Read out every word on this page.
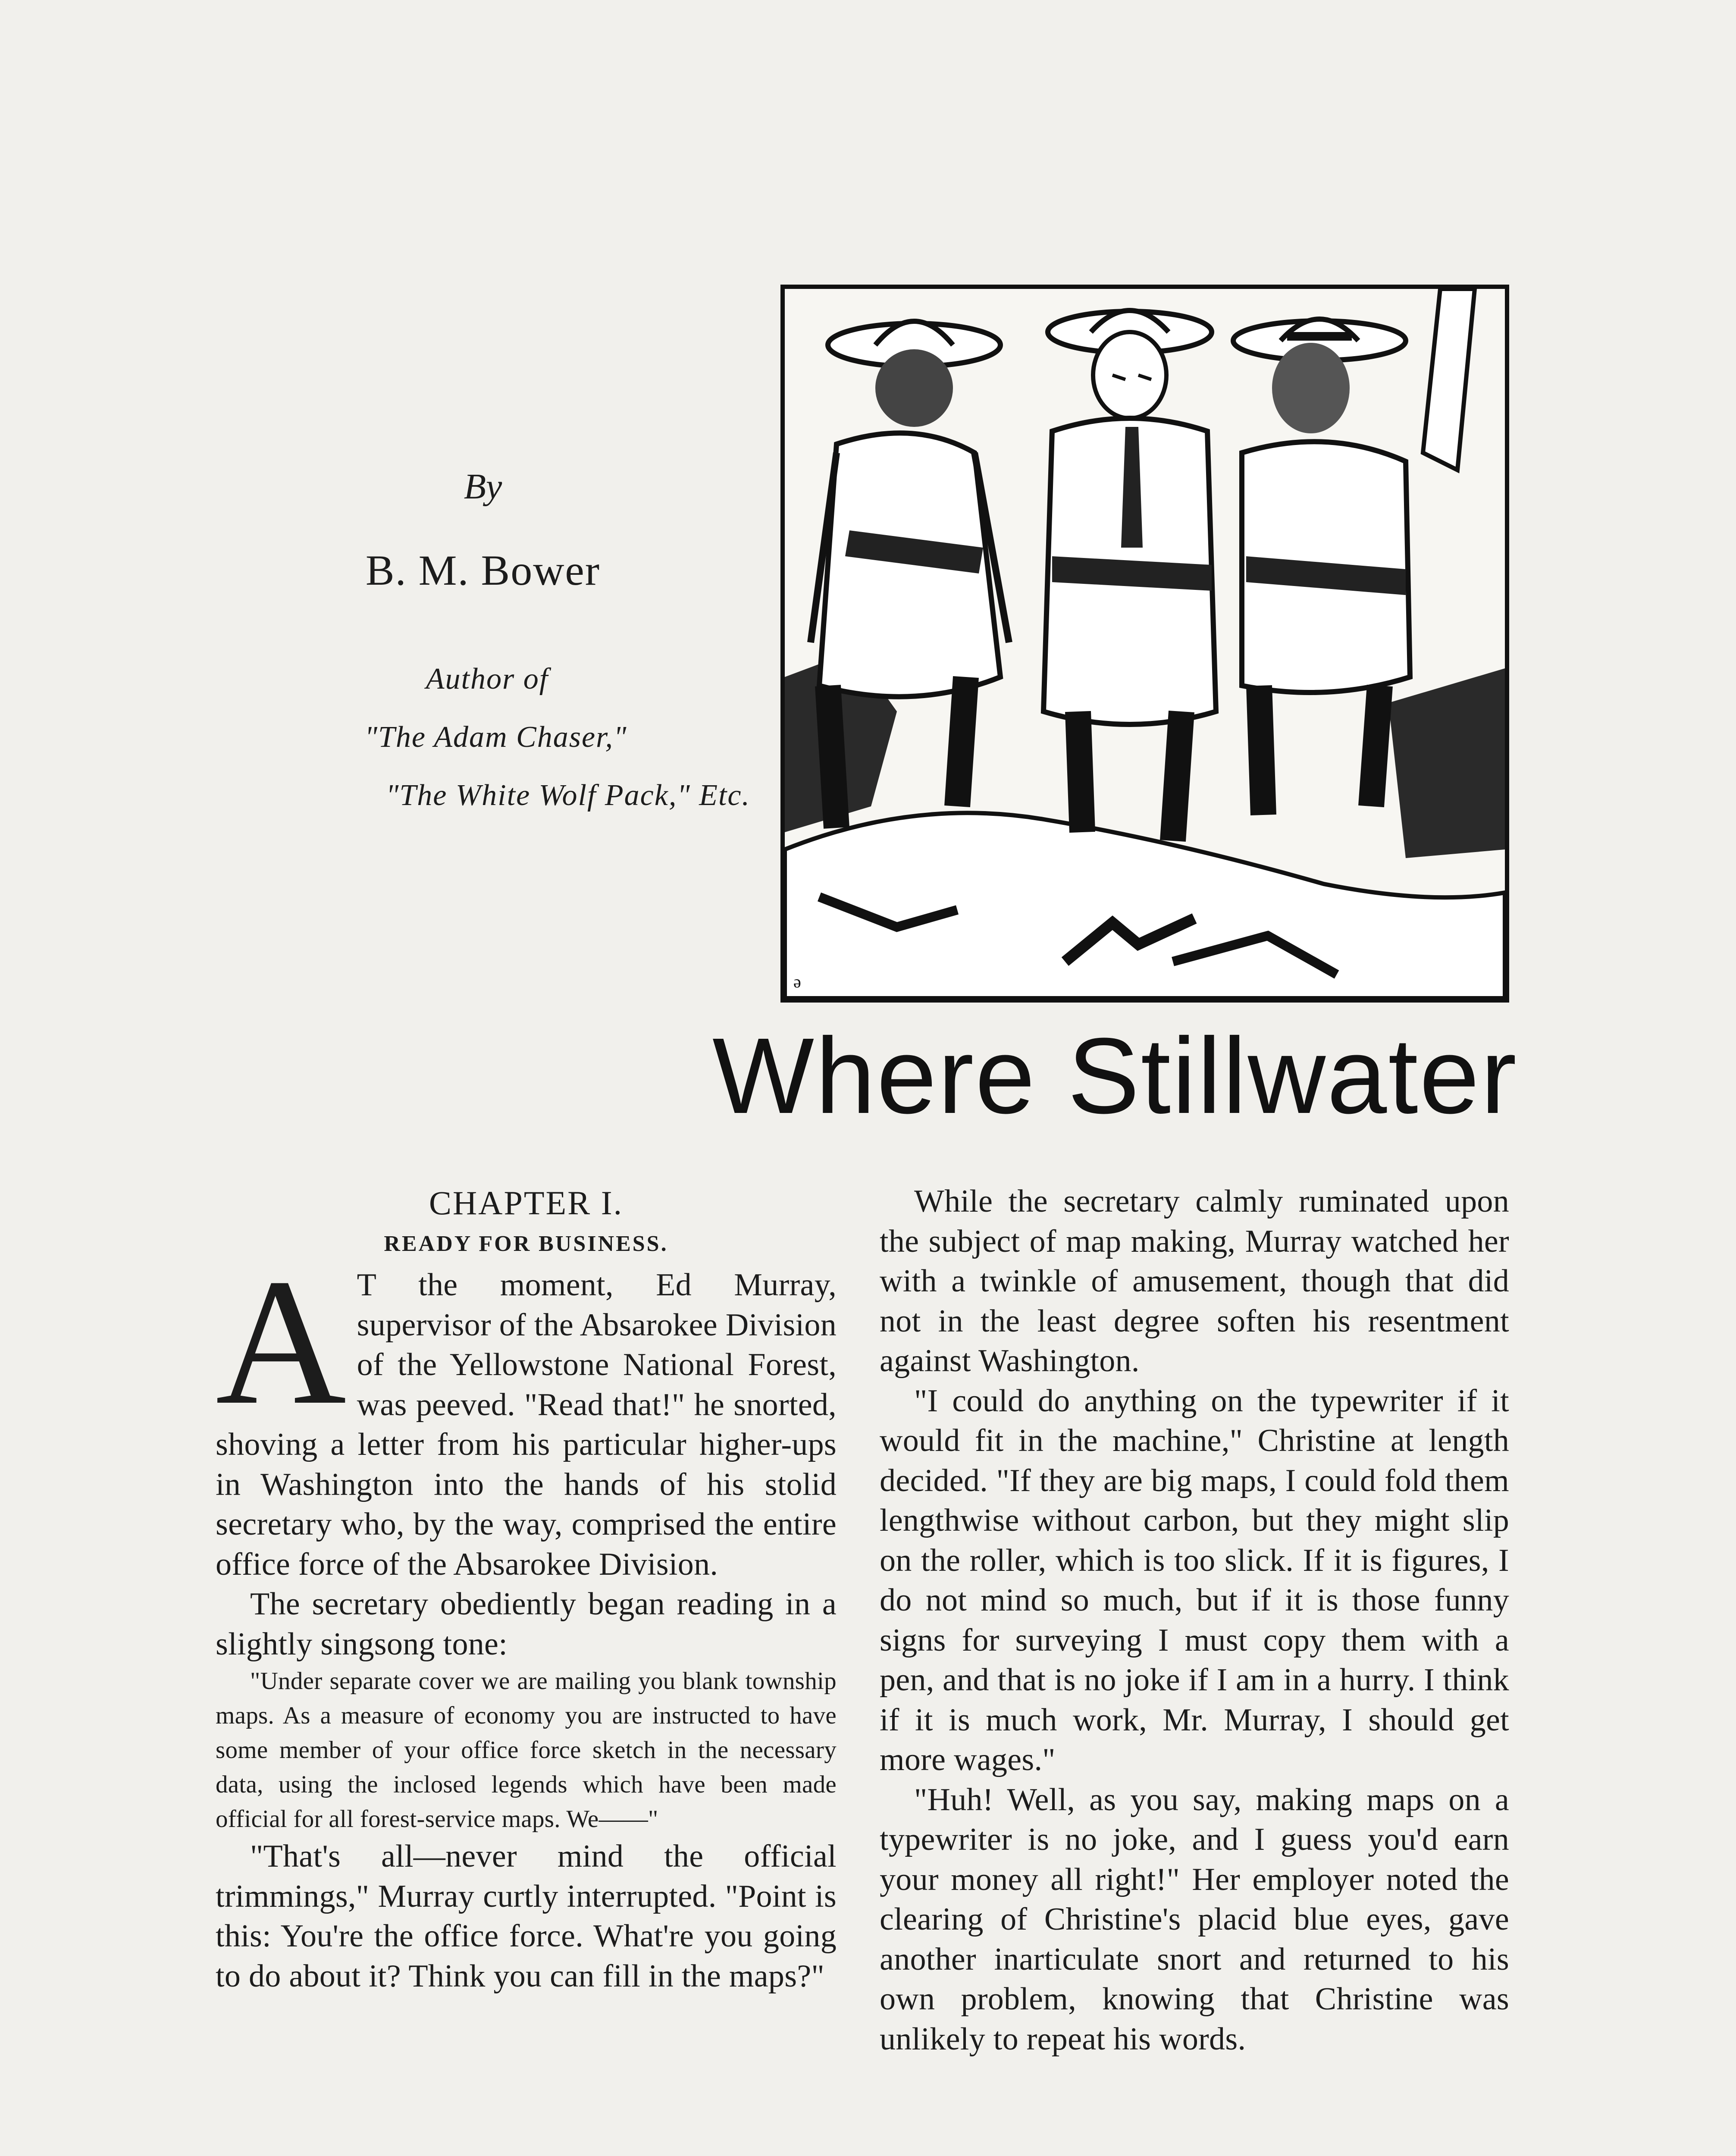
By
B. M. Bower
Author of
"The Adam Chaser,"
"The White Wolf Pack," Etc.
ə
Where Stillwater
CHAPTER I.
READY FOR BUSINESS.

A T the moment, Ed Murray, supervisor of the Absarokee Division of the Yellowstone National Forest, was peeved. "Read that!" he snorted, shoving a letter from his particular higher-ups in Washington into the hands of his stolid secretary who, by the way, comprised the entire office force of the Absarokee Division.

The secretary obediently began reading in a slightly singsong tone:

"Under separate cover we are mailing you blank township maps. As a measure of economy you are instructed to have some member of your office force sketch in the necessary data, using the inclosed legends which have been made official for all forest-service maps. We——"

"That's all—never mind the official trimmings," Murray curtly interrupted. "Point is this: You're the office force. What're you going to do about it? Think you can fill in the maps?"

While the secretary calmly ruminated upon the subject of map making, Murray watched her with a twinkle of amusement, though that did not in the least degree soften his resentment against Washington.

"I could do anything on the typewriter if it would fit in the machine," Christine at length decided. "If they are big maps, I could fold them lengthwise without carbon, but they might slip on the roller, which is too slick. If it is figures, I do not mind so much, but if it is those funny signs for surveying I must copy them with a pen, and that is no joke if I am in a hurry. I think if it is much work, Mr. Murray, I should get more wages."

"Huh! Well, as you say, making maps on a typewriter is no joke, and I guess you'd earn your money all right!" Her employer noted the clearing of Christine's placid blue eyes, gave another inarticulate snort and returned to his own problem, knowing that Christine was unlikely to repeat his words.
